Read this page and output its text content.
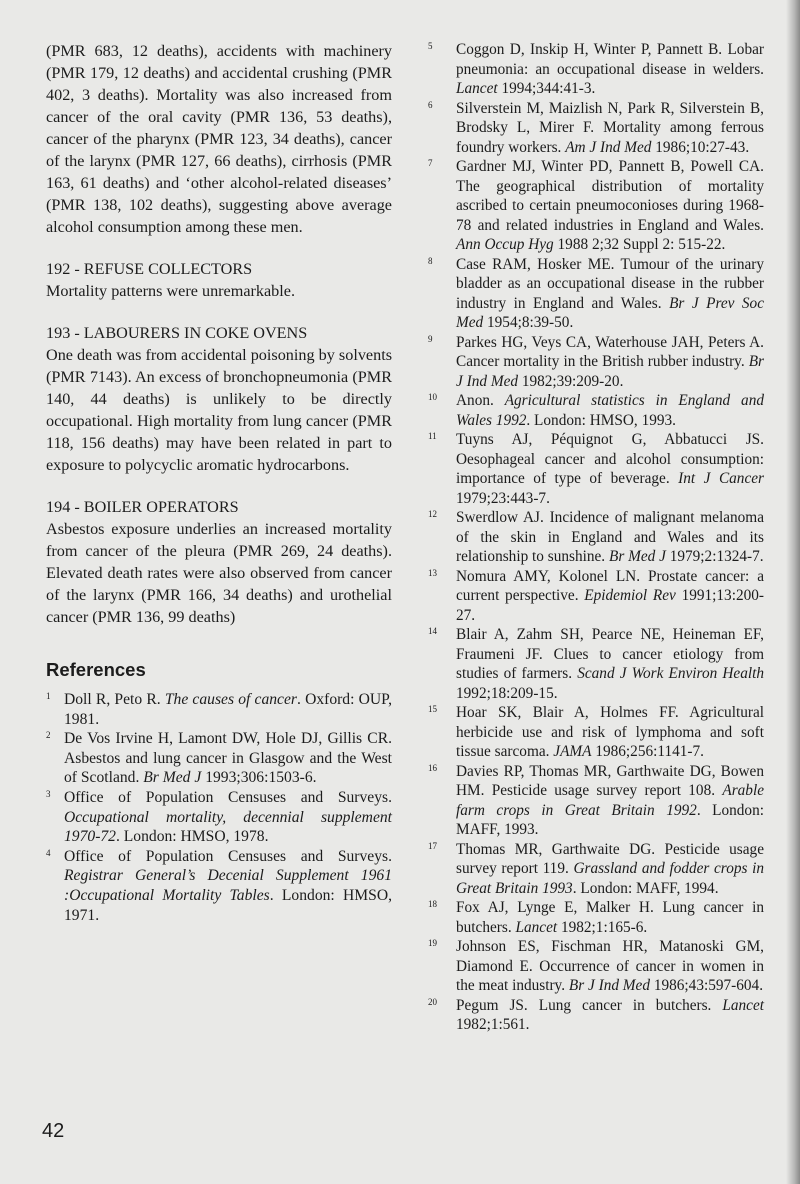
(PMR 683, 12 deaths), accidents with machinery (PMR 179, 12 deaths) and accidental crushing (PMR 402, 3 deaths). Mortality was also increased from cancer of the oral cavity (PMR 136, 53 deaths), cancer of the pharynx (PMR 123, 34 deaths), cancer of the larynx (PMR 127, 66 deaths), cirrhosis (PMR 163, 61 deaths) and ‘other alcohol-related diseases’ (PMR 138, 102 deaths), suggesting above average alcohol consumption among these men.

192 - REFUSE COLLECTORS

Mortality patterns were unremarkable.

193 - LABOURERS IN COKE OVENS

One death was from accidental poisoning by solvents (PMR 7143). An excess of bronchopneumonia (PMR 140, 44 deaths) is unlikely to be directly occupational. High mortality from lung cancer (PMR 118, 156 deaths) may have been related in part to exposure to polycyclic aromatic hydrocarbons.

194 - BOILER OPERATORS

Asbestos exposure underlies an increased mortality from cancer of the pleura (PMR 269, 24 deaths). Elevated death rates were also observed from cancer of the larynx (PMR 166, 34 deaths) and urothelial cancer (PMR 136, 99 deaths)

References
1 Doll R, Peto R. The causes of cancer. Oxford: OUP, 1981.
2 De Vos Irvine H, Lamont DW, Hole DJ, Gillis CR. Asbestos and lung cancer in Glasgow and the West of Scotland. Br Med J 1993;306:1503-6.
3 Office of Population Censuses and Surveys. Occupational mortality, decennial supplement 1970-72. London: HMSO, 1978.
4 Office of Population Censuses and Surveys. Registrar General’s Decenial Supplement 1961 :Occupational Mortality Tables. London: HMSO, 1971.
5 Coggon D, Inskip H, Winter P, Pannett B. Lobar pneumonia: an occupational disease in welders. Lancet 1994;344:41-3.
6 Silverstein M, Maizlish N, Park R, Silverstein B, Brodsky L, Mirer F. Mortality among ferrous foundry workers. Am J Ind Med 1986;10:27-43.
7 Gardner MJ, Winter PD, Pannett B, Powell CA. The geographical distribution of mortality ascribed to certain pneumoconioses during 1968-78 and related industries in England and Wales. Ann Occup Hyg 1988 2;32 Suppl 2: 515-22.
8 Case RAM, Hosker ME. Tumour of the urinary bladder as an occupational disease in the rubber industry in England and Wales. Br J Prev Soc Med 1954;8:39-50.
9 Parkes HG, Veys CA, Waterhouse JAH, Peters A. Cancer mortality in the British rubber industry. Br J Ind Med 1982;39:209-20.
10 Anon. Agricultural statistics in England and Wales 1992. London: HMSO, 1993.
11 Tuyns AJ, Péquignot G, Abbatucci JS. Oesophageal cancer and alcohol consumption: importance of type of beverage. Int J Cancer 1979;23:443-7.
12 Swerdlow AJ. Incidence of malignant melanoma of the skin in England and Wales and its relationship to sunshine. Br Med J 1979;2:1324-7.
13 Nomura AMY, Kolonel LN. Prostate cancer: a current perspective. Epidemiol Rev 1991;13:200-27.
14 Blair A, Zahm SH, Pearce NE, Heineman EF, Fraumeni JF. Clues to cancer etiology from studies of farmers. Scand J Work Environ Health 1992;18:209-15.
15 Hoar SK, Blair A, Holmes FF. Agricultural herbicide use and risk of lymphoma and soft tissue sarcoma. JAMA 1986;256:1141-7.
16 Davies RP, Thomas MR, Garthwaite DG, Bowen HM. Pesticide usage survey report 108. Arable farm crops in Great Britain 1992. London: MAFF, 1993.
17 Thomas MR, Garthwaite DG. Pesticide usage survey report 119. Grassland and fodder crops in Great Britain 1993. London: MAFF, 1994.
18 Fox AJ, Lynge E, Malker H. Lung cancer in butchers. Lancet 1982;1:165-6.
19 Johnson ES, Fischman HR, Matanoski GM, Diamond E. Occurrence of cancer in women in the meat industry. Br J Ind Med 1986;43:597-604.
20 Pegum JS. Lung cancer in butchers. Lancet 1982;1:561.
42
